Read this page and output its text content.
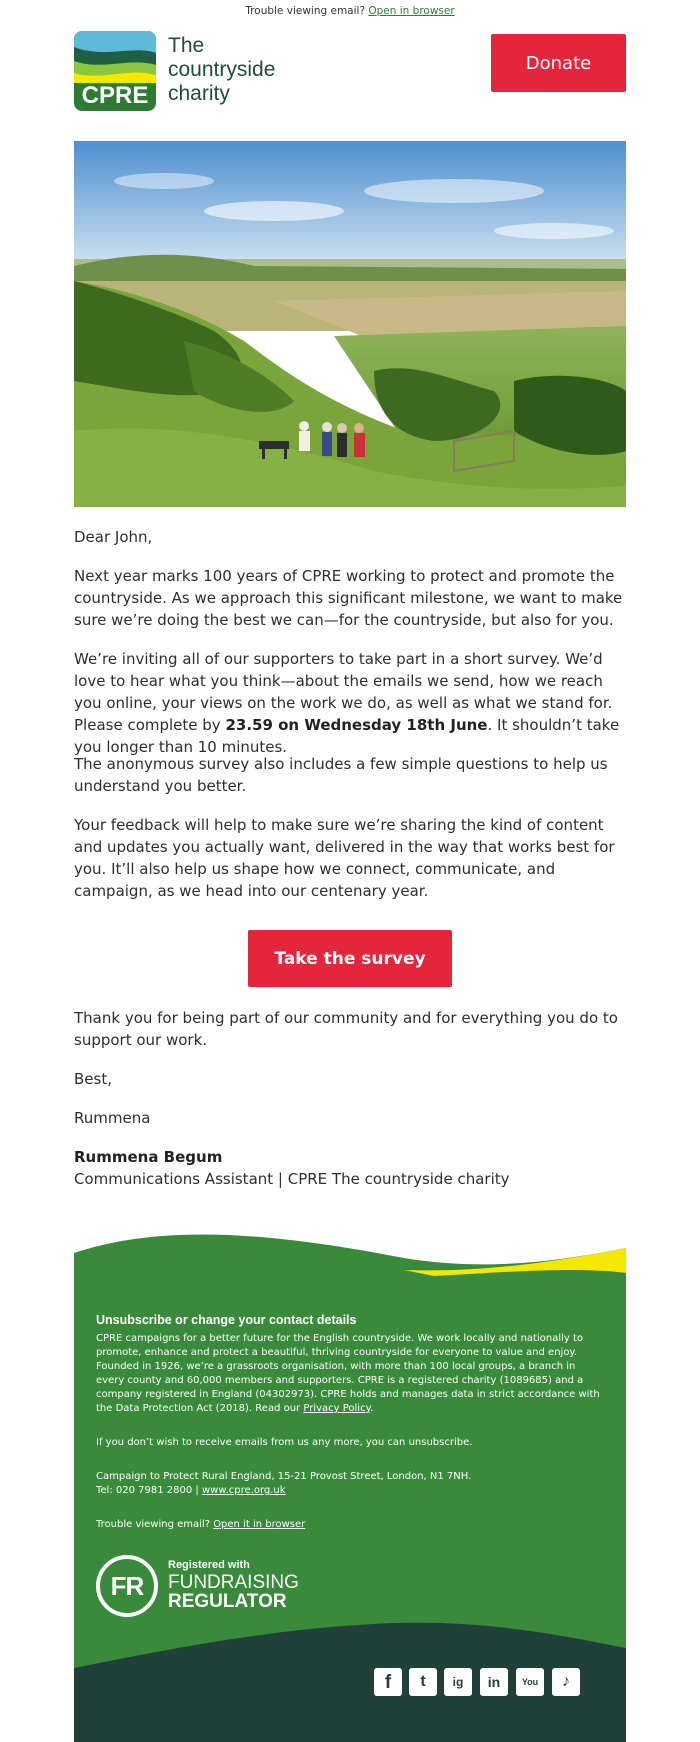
Trouble viewing email? Open in browser
CPRE
The
countryside
charity
Donate
Dear John,
Next year marks 100 years of CPRE working to protect and promote the countryside. As we approach this significant milestone, we want to make sure we’re doing the best we can—for the countryside, but also for you.
We’re inviting all of our supporters to take part in a short survey. We’d love to hear what you think—about the emails we send, how we reach you online, your views on the work we do, as well as what we stand for. Please complete by 23.59 on Wednesday 18th June. It shouldn’t take you longer than 10 minutes.
The anonymous survey also includes a few simple questions to help us understand you better.
Your feedback will help to make sure we’re sharing the kind of content and updates you actually want, delivered in the way that works best for you. It’ll also help us shape how we connect, communicate, and campaign, as we head into our centenary year.
Take the survey
Thank you for being part of our community and for everything you do to support our work.
Best,
Rummena
Rummena Begum
Communications Assistant | CPRE The countryside charity
Unsubscribe or change your contact details

CPRE campaigns for a better future for the English countryside. We work locally and nationally to promote, enhance and protect a beautiful, thriving countryside for everyone to value and enjoy. Founded in 1926, we’re a grassroots organisation, with more than 100 local groups, a branch in every county and 60,000 members and supporters. CPRE is a registered charity (1089685) and a company registered in England (04302973). CPRE holds and manages data in strict accordance with the Data Protection Act (2018). Read our Privacy Policy.

If you don’t wish to receive emails from us any more, you can unsubscribe.

Campaign to Protect Rural England, 15-21 Provost Street, London, N1 7NH.
Tel: 020 7981 2800 | www.cpre.org.uk

Trouble viewing email? Open it in browser

FR
Registered with
FUNDRAISING
REGULATOR
f t ig in You ♪
